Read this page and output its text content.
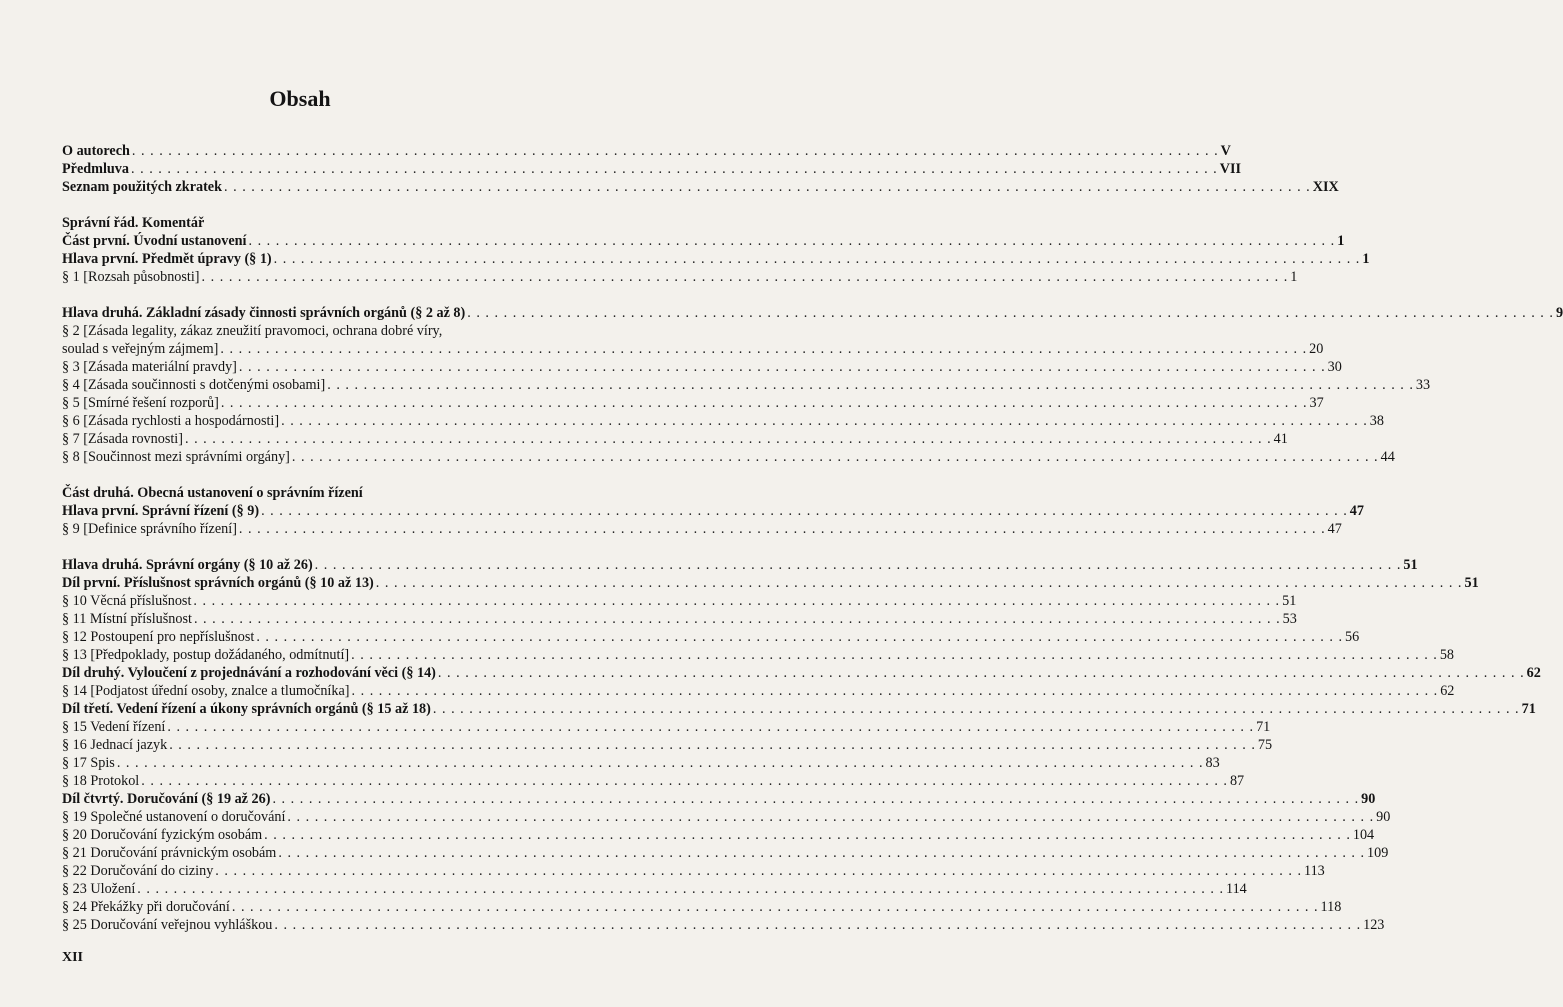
Obsah
O autorech . . . . . . . . . . . . . . . . . . . . . . . . . . . . . . . . . . . . . . . . . . . . . . . . . . . . . . . . . . . . . . . . . . . . . . . . . . . . . . . . . . . . . . . . . . . . . . . . . . . . . . . . . . . . . . . . . . . . . . . . V
Předmluva . . . . . . . . . . . . . . . . . . . . . . . . . . . . . . . . . . . . . . . . . . . . . . . . . . . . . . . . . . . . . . . . . . . . . . . . . . . . . . . . . . . . . . . . . . . . . . . . . . . . . . . . . . . . . . . . . . . . . . . . VII
Seznam použitých zkratek . . . . . . . . . . . . . . . . . . . . . . . . . . . . . . . . . . . . . . . . . . . . . . . . . . . . . . . . . . . . . . . . . . . . . . . . . . . . . . . . . . . . . . . . . . . . . . . . . . . . . . . . . . . . . . . . . . . . . . . . XIX
Správní řád. Komentář
Část první. Úvodní ustanovení . . . . . . . . . . . . . . . . . . . . . . . . . . . . . . . . . . . . . . . . . . . . . . . . . . . . . . . . . . . . . . . . . . . . . . . . . . . . . . . . . . . . . . . . . . . . . . . . . . . . . . . . . . . . . . . . . . . . . . . . 1
Hlava první. Předmět úpravy (§ 1) . . . . . . . . . . . . . . . . . . . . . . . . . . . . . . . . . . . . . . . . . . . . . . . . . . . . . . . . . . . . . . . . . . . . . . . . . . . . . . . . . . . . . . . . . . . . . . . . . . . . . . . . . . . . . . . . . . . . . . . . 1
§ 1 [Rozsah působnosti] . . . . . . . . . . . . . . . . . . . . . . . . . . . . . . . . . . . . . . . . . . . . . . . . . . . . . . . . . . . . . . . . . . . . . . . . . . . . . . . . . . . . . . . . . . . . . . . . . . . . . . . . . . . . . . . . . . . . . . . . 1
Hlava druhá. Základní zásady činnosti správních orgánů (§ 2 až 8) . . . . . . . . . . . . . . . . . . . . . . . . . . . . . . . . . . . . . . . . . . . . . . . . . . . . . . . . . . . . . . . . . . . . . . . . . . . . . . . . . . . . . . . . . . . . . . . . . . . . . . . . . . . . . . . . . . . . . . . . 9
§ 2 [Zásada legality, zákaz zneužití pravomoci, ochrana dobré víry,
soulad s veřejným zájmem] . . . . . . . . . . . . . . . . . . . . . . . . . . . . . . . . . . . . . . . . . . . . . . . . . . . . . . . . . . . . . . . . . . . . . . . . . . . . . . . . . . . . . . . . . . . . . . . . . . . . . . . . . . . . . . . . . . . . . . . . 20
§ 3 [Zásada materiální pravdy] . . . . . . . . . . . . . . . . . . . . . . . . . . . . . . . . . . . . . . . . . . . . . . . . . . . . . . . . . . . . . . . . . . . . . . . . . . . . . . . . . . . . . . . . . . . . . . . . . . . . . . . . . . . . . . . . . . . . . . . . 30
§ 4 [Zásada součinnosti s dotčenými osobami] . . . . . . . . . . . . . . . . . . . . . . . . . . . . . . . . . . . . . . . . . . . . . . . . . . . . . . . . . . . . . . . . . . . . . . . . . . . . . . . . . . . . . . . . . . . . . . . . . . . . . . . . . . . . . . . . . . . . . . . . 33
§ 5 [Smírné řešení rozporů] . . . . . . . . . . . . . . . . . . . . . . . . . . . . . . . . . . . . . . . . . . . . . . . . . . . . . . . . . . . . . . . . . . . . . . . . . . . . . . . . . . . . . . . . . . . . . . . . . . . . . . . . . . . . . . . . . . . . . . . . 37
§ 6 [Zásada rychlosti a hospodárnosti] . . . . . . . . . . . . . . . . . . . . . . . . . . . . . . . . . . . . . . . . . . . . . . . . . . . . . . . . . . . . . . . . . . . . . . . . . . . . . . . . . . . . . . . . . . . . . . . . . . . . . . . . . . . . . . . . . . . . . . . . 38
§ 7 [Zásada rovnosti] . . . . . . . . . . . . . . . . . . . . . . . . . . . . . . . . . . . . . . . . . . . . . . . . . . . . . . . . . . . . . . . . . . . . . . . . . . . . . . . . . . . . . . . . . . . . . . . . . . . . . . . . . . . . . . . . . . . . . . . . 41
§ 8 [Součinnost mezi správními orgány] . . . . . . . . . . . . . . . . . . . . . . . . . . . . . . . . . . . . . . . . . . . . . . . . . . . . . . . . . . . . . . . . . . . . . . . . . . . . . . . . . . . . . . . . . . . . . . . . . . . . . . . . . . . . . . . . . . . . . . . . 44
Část druhá. Obecná ustanovení o správním řízení
Hlava první. Správní řízení (§ 9) . . . . . . . . . . . . . . . . . . . . . . . . . . . . . . . . . . . . . . . . . . . . . . . . . . . . . . . . . . . . . . . . . . . . . . . . . . . . . . . . . . . . . . . . . . . . . . . . . . . . . . . . . . . . . . . . . . . . . . . . 47
§ 9 [Definice správního řízení] . . . . . . . . . . . . . . . . . . . . . . . . . . . . . . . . . . . . . . . . . . . . . . . . . . . . . . . . . . . . . . . . . . . . . . . . . . . . . . . . . . . . . . . . . . . . . . . . . . . . . . . . . . . . . . . . . . . . . . . . 47
Hlava druhá. Správní orgány (§ 10 až 26) . . . . . . . . . . . . . . . . . . . . . . . . . . . . . . . . . . . . . . . . . . . . . . . . . . . . . . . . . . . . . . . . . . . . . . . . . . . . . . . . . . . . . . . . . . . . . . . . . . . . . . . . . . . . . . . . . . . . . . . . 51
Díl první. Příslušnost správních orgánů (§ 10 až 13) . . . . . . . . . . . . . . . . . . . . . . . . . . . . . . . . . . . . . . . . . . . . . . . . . . . . . . . . . . . . . . . . . . . . . . . . . . . . . . . . . . . . . . . . . . . . . . . . . . . . . . . . . . . . . . . . . . . . . . . . 51
§ 10 Věcná příslušnost . . . . . . . . . . . . . . . . . . . . . . . . . . . . . . . . . . . . . . . . . . . . . . . . . . . . . . . . . . . . . . . . . . . . . . . . . . . . . . . . . . . . . . . . . . . . . . . . . . . . . . . . . . . . . . . . . . . . . . . . 51
§ 11 Místní příslušnost . . . . . . . . . . . . . . . . . . . . . . . . . . . . . . . . . . . . . . . . . . . . . . . . . . . . . . . . . . . . . . . . . . . . . . . . . . . . . . . . . . . . . . . . . . . . . . . . . . . . . . . . . . . . . . . . . . . . . . . . 53
§ 12 Postoupení pro nepříslušnost . . . . . . . . . . . . . . . . . . . . . . . . . . . . . . . . . . . . . . . . . . . . . . . . . . . . . . . . . . . . . . . . . . . . . . . . . . . . . . . . . . . . . . . . . . . . . . . . . . . . . . . . . . . . . . . . . . . . . . . . 56
§ 13 [Předpoklady, postup dožádaného, odmítnutí] . . . . . . . . . . . . . . . . . . . . . . . . . . . . . . . . . . . . . . . . . . . . . . . . . . . . . . . . . . . . . . . . . . . . . . . . . . . . . . . . . . . . . . . . . . . . . . . . . . . . . . . . . . . . . . . . . . . . . . . . 58
Díl druhý. Vyloučení z projednávání a rozhodování věci (§ 14) . . . . . . . . . . . . . . . . . . . . . . . . . . . . . . . . . . . . . . . . . . . . . . . . . . . . . . . . . . . . . . . . . . . . . . . . . . . . . . . . . . . . . . . . . . . . . . . . . . . . . . . . . . . . . . . . . . . . . . . . 62
§ 14 [Podjatost úřední osoby, znalce a tlumočníka] . . . . . . . . . . . . . . . . . . . . . . . . . . . . . . . . . . . . . . . . . . . . . . . . . . . . . . . . . . . . . . . . . . . . . . . . . . . . . . . . . . . . . . . . . . . . . . . . . . . . . . . . . . . . . . . . . . . . . . . . 62
Díl třetí. Vedení řízení a úkony správních orgánů (§ 15 až 18) . . . . . . . . . . . . . . . . . . . . . . . . . . . . . . . . . . . . . . . . . . . . . . . . . . . . . . . . . . . . . . . . . . . . . . . . . . . . . . . . . . . . . . . . . . . . . . . . . . . . . . . . . . . . . . . . . . . . . . . . 71
§ 15 Vedení řízení . . . . . . . . . . . . . . . . . . . . . . . . . . . . . . . . . . . . . . . . . . . . . . . . . . . . . . . . . . . . . . . . . . . . . . . . . . . . . . . . . . . . . . . . . . . . . . . . . . . . . . . . . . . . . . . . . . . . . . . . 71
§ 16 Jednací jazyk . . . . . . . . . . . . . . . . . . . . . . . . . . . . . . . . . . . . . . . . . . . . . . . . . . . . . . . . . . . . . . . . . . . . . . . . . . . . . . . . . . . . . . . . . . . . . . . . . . . . . . . . . . . . . . . . . . . . . . . . 75
§ 17 Spis . . . . . . . . . . . . . . . . . . . . . . . . . . . . . . . . . . . . . . . . . . . . . . . . . . . . . . . . . . . . . . . . . . . . . . . . . . . . . . . . . . . . . . . . . . . . . . . . . . . . . . . . . . . . . . . . . . . . . . . . 83
§ 18 Protokol . . . . . . . . . . . . . . . . . . . . . . . . . . . . . . . . . . . . . . . . . . . . . . . . . . . . . . . . . . . . . . . . . . . . . . . . . . . . . . . . . . . . . . . . . . . . . . . . . . . . . . . . . . . . . . . . . . . . . . . . 87
Díl čtvrtý. Doručování (§ 19 až 26) . . . . . . . . . . . . . . . . . . . . . . . . . . . . . . . . . . . . . . . . . . . . . . . . . . . . . . . . . . . . . . . . . . . . . . . . . . . . . . . . . . . . . . . . . . . . . . . . . . . . . . . . . . . . . . . . . . . . . . . . 90
§ 19 Společné ustanovení o doručování . . . . . . . . . . . . . . . . . . . . . . . . . . . . . . . . . . . . . . . . . . . . . . . . . . . . . . . . . . . . . . . . . . . . . . . . . . . . . . . . . . . . . . . . . . . . . . . . . . . . . . . . . . . . . . . . . . . . . . . . 90
§ 20 Doručování fyzickým osobám . . . . . . . . . . . . . . . . . . . . . . . . . . . . . . . . . . . . . . . . . . . . . . . . . . . . . . . . . . . . . . . . . . . . . . . . . . . . . . . . . . . . . . . . . . . . . . . . . . . . . . . . . . . . . . . . . . . . . . . . 104
§ 21 Doručování právnickým osobám . . . . . . . . . . . . . . . . . . . . . . . . . . . . . . . . . . . . . . . . . . . . . . . . . . . . . . . . . . . . . . . . . . . . . . . . . . . . . . . . . . . . . . . . . . . . . . . . . . . . . . . . . . . . . . . . . . . . . . . . 109
§ 22 Doručování do ciziny . . . . . . . . . . . . . . . . . . . . . . . . . . . . . . . . . . . . . . . . . . . . . . . . . . . . . . . . . . . . . . . . . . . . . . . . . . . . . . . . . . . . . . . . . . . . . . . . . . . . . . . . . . . . . . . . . . . . . . . . 113
§ 23 Uložení . . . . . . . . . . . . . . . . . . . . . . . . . . . . . . . . . . . . . . . . . . . . . . . . . . . . . . . . . . . . . . . . . . . . . . . . . . . . . . . . . . . . . . . . . . . . . . . . . . . . . . . . . . . . . . . . . . . . . . . . 114
§ 24 Překážky při doručování . . . . . . . . . . . . . . . . . . . . . . . . . . . . . . . . . . . . . . . . . . . . . . . . . . . . . . . . . . . . . . . . . . . . . . . . . . . . . . . . . . . . . . . . . . . . . . . . . . . . . . . . . . . . . . . . . . . . . . . . 118
§ 25 Doručování veřejnou vyhláškou . . . . . . . . . . . . . . . . . . . . . . . . . . . . . . . . . . . . . . . . . . . . . . . . . . . . . . . . . . . . . . . . . . . . . . . . . . . . . . . . . . . . . . . . . . . . . . . . . . . . . . . . . . . . . . . . . . . . . . . . 123
XII
